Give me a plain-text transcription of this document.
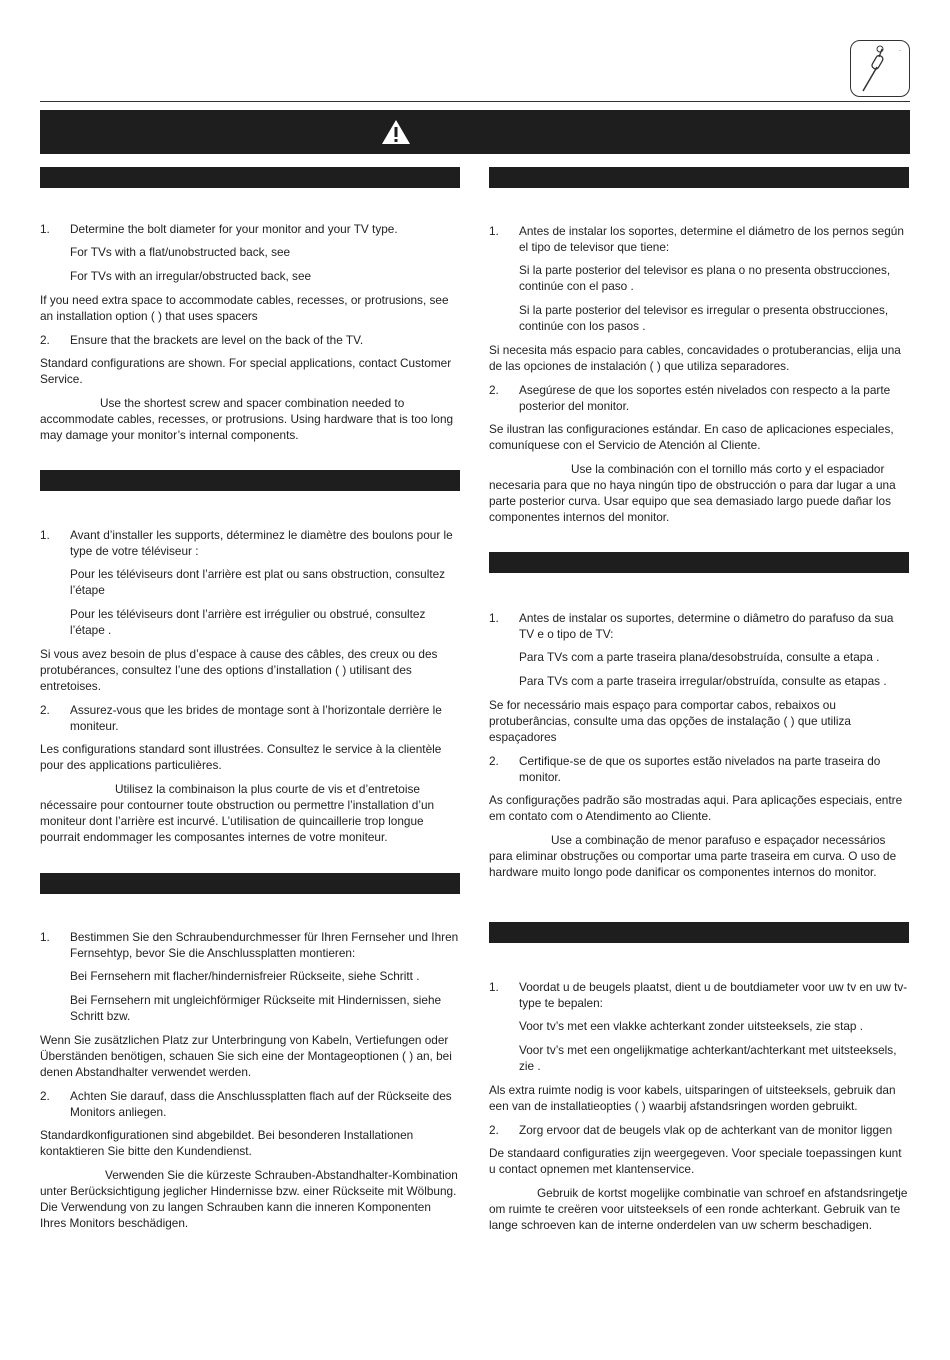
.

1. Determine the bolt diameter for your monitor and your TV type.

For TVs with a flat/unobstructed back, see

For TVs with an irregular/obstructed back, see

If you need extra space to accommodate cables, recesses, or protrusions, see an installation option ( ) that uses spacers

2. Ensure that the brackets are level on the back of the TV.

Standard configurations are shown. For special applications, contact Customer Service.

Use the shortest screw and spacer combination needed to accommodate cables, recesses, or protrusions. Using hardware that is too long may damage your monitor’s internal components.

1. Avant d’installer les supports, déterminez le diamètre des boulons pour le type de votre téléviseur :

Pour les téléviseurs dont l’arrière est plat ou sans obstruction, consultez l’étape

Pour les téléviseurs dont l’arrière est irrégulier ou obstrué, consultez l’étape .

Si vous avez besoin de plus d’espace à cause des câbles, des creux ou des protubérances, consultez l’une des options d’installation ( ) utilisant des entretoises.

2. Assurez-vous que les brides de montage sont à l’horizontale derrière le moniteur.

Les configurations standard sont illustrées. Consultez le service à la clientèle pour des applications particulières.

Utilisez la combinaison la plus courte de vis et d’entretoise nécessaire pour contourner toute obstruction ou permettre l’installation d’un moniteur dont l’arrière est incurvé. L’utilisation de quincaillerie trop longue pourrait endommager les composantes internes de votre moniteur.

1. Bestimmen Sie den Schraubendurchmesser für Ihren Fernseher und Ihren Fernsehtyp, bevor Sie die Anschlussplatten montieren:

Bei Fernsehern mit flacher/hindernisfreier Rückseite, siehe Schritt .

Bei Fernsehern mit ungleichförmiger Rückseite mit Hindernissen, siehe Schritt bzw.

Wenn Sie zusätzlichen Platz zur Unterbringung von Kabeln, Vertiefungen oder Überständen benötigen, schauen Sie sich eine der Montageoptionen ( ) an, bei denen Abstandhalter verwendet werden.

2. Achten Sie darauf, dass die Anschlussplatten flach auf der Rückseite des Monitors anliegen.

Standardkonfigurationen sind abgebildet. Bei besonderen Installationen kontaktieren Sie bitte den Kundendienst.

Verwenden Sie die kürzeste Schrauben-Abstandhalter-Kombination unter Berücksichtigung jeglicher Hindernisse bzw. einer Rückseite mit Wölbung. Die Verwendung von zu langen Schrauben kann die inneren Komponenten Ihres Monitors beschädigen.

1. Antes de instalar los soportes, determine el diámetro de los pernos según el tipo de televisor que tiene:

Si la parte posterior del televisor es plana o no presenta obstrucciones, continúe con el paso .

Si la parte posterior del televisor es irregular o presenta obstrucciones, continúe con los pasos .

Si necesita más espacio para cables, concavidades o protuberancias, elija una de las opciones de instalación ( ) que utiliza separadores.

2. Asegúrese de que los soportes estén nivelados con respecto a la parte posterior del monitor.

Se ilustran las configuraciones estándar. En caso de aplicaciones especiales, comuníquese con el Servicio de Atención al Cliente.

Use la combinación con el tornillo más corto y el espaciador necesaria para que no haya ningún tipo de obstrucción o para dar lugar a una parte posterior curva. Usar equipo que sea demasiado largo puede dañar los componentes internos del monitor.

1. Antes de instalar os suportes, determine o diâmetro do parafuso da sua TV e o tipo de TV:

Para TVs com a parte traseira plana/desobstruída, consulte a etapa .

Para TVs com a parte traseira irregular/obstruída, consulte as etapas .

Se for necessário mais espaço para comportar cabos, rebaixos ou protuberâncias, consulte uma das opções de instalação ( ) que utiliza espaçadores

2. Certifique-se de que os suportes estão nivelados na parte traseira do monitor.

As configurações padrão são mostradas aqui. Para aplicações especiais, entre em contato com o Atendimento ao Cliente.

Use a combinação de menor parafuso e espaçador necessários para eliminar obstruções ou comportar uma parte traseira em curva. O uso de hardware muito longo pode danificar os componentes internos do monitor.

1. Voordat u de beugels plaatst, dient u de boutdiameter voor uw tv en uw tv-type te bepalen:

Voor tv’s met een vlakke achterkant zonder uitsteeksels, zie stap .

Voor tv’s met een ongelijkmatige achterkant/achterkant met uitsteeksels, zie .

Als extra ruimte nodig is voor kabels, uitsparingen of uitsteeksels, gebruik dan een van de installatieopties ( ) waarbij afstandsringen worden gebruikt.

2. Zorg ervoor dat de beugels vlak op de achterkant van de monitor liggen

De standaard configuraties zijn weergegeven. Voor speciale toepassingen kunt u contact opnemen met klantenservice.

Gebruik de kortst mogelijke combinatie van schroef en afstandsringetje om ruimte te creëren voor uitsteeksels of een ronde achterkant. Gebruik van te lange schroeven kan de interne onderdelen van uw scherm beschadigen.
